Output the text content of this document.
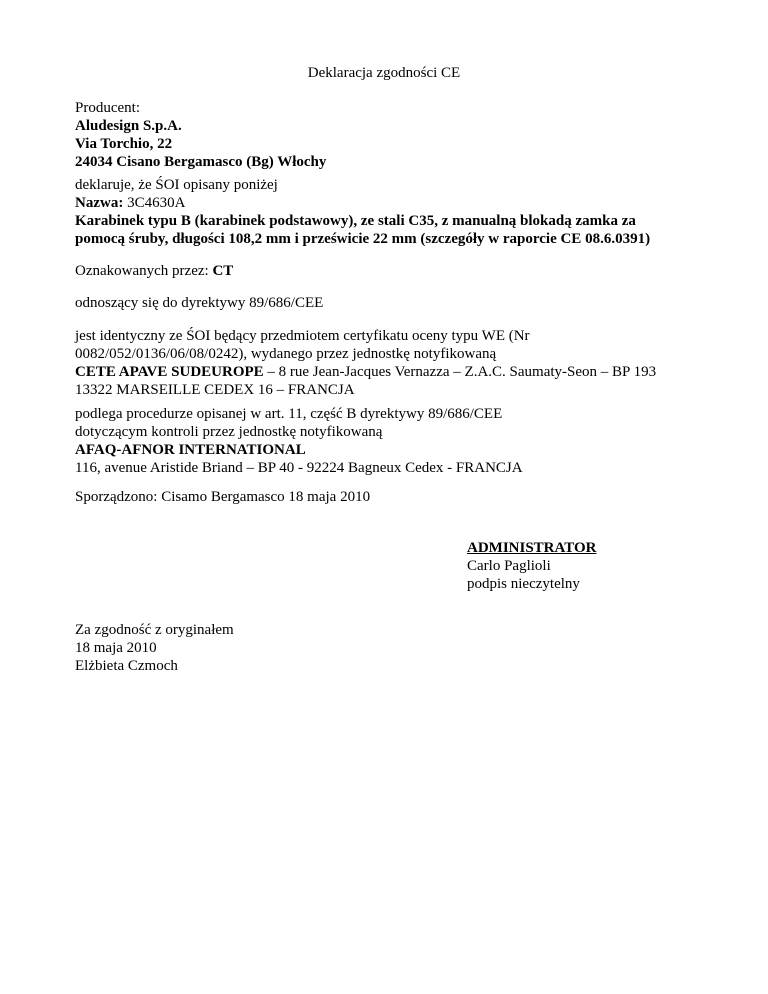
Deklaracja zgodności CE
Producent:
Aludesign S.p.A.
Via Torchio, 22
24034 Cisano Bergamasco (Bg) Włochy
deklaruje, że ŚOI opisany poniżej
Nazwa: 3C4630A
Karabinek typu B (karabinek podstawowy), ze stali C35, z manualną blokadą zamka za
pomocą śruby, długości 108,2 mm i prześwicie 22 mm (szczegóły w raporcie CE 08.6.0391)
Oznakowanych przez: CT
odnoszący się do dyrektywy 89/686/CEE
jest identyczny ze ŚOI będący przedmiotem certyfikatu oceny typu WE (Nr
0082/052/0136/06/08/0242), wydanego przez jednostkę notyfikowaną
CETE APAVE SUDEUROPE – 8 rue Jean-Jacques Vernazza – Z.A.C. Saumaty-Seon – BP 193
13322 MARSEILLE CEDEX 16 – FRANCJA
podlega procedurze opisanej w art. 11, część B dyrektywy 89/686/CEE
dotyczącym kontroli przez jednostkę notyfikowaną
AFAQ-AFNOR INTERNATIONAL
116, avenue Aristide Briand – BP 40 - 92224 Bagneux Cedex - FRANCJA
Sporządzono: Cisamo Bergamasco 18 maja 2010
ADMINISTRATOR
Carlo Paglioli
podpis nieczytelny
Za zgodność z oryginałem
18 maja 2010
Elżbieta Czmoch
